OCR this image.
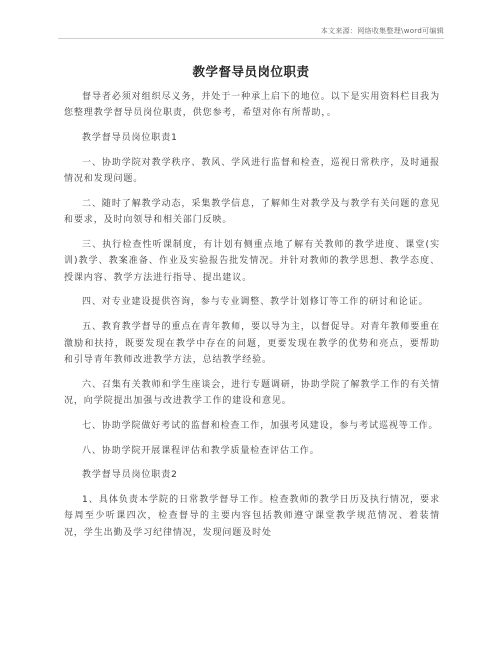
本文来源：网络收集整理\word可编辑
教学督导员岗位职责

督导者必须对组织尽义务，并处于一种承上启下的地位。以下是实用资料栏目我为您整理教学督导员岗位职责，供您参考，希望对你有所帮助，。

教学督导员岗位职责1

一、协助学院对教学秩序、教风、学风进行监督和检查，巡视日常秩序，及时通报情况和发现问题。

二、随时了解教学动态，采集教学信息，了解师生对教学及与教学有关问题的意见和要求，及时向领导和相关部门反映。

三、执行检查性听课制度，有计划有侧重点地了解有关教师的教学进度、课堂(实训)教学、教案准备、作业及实验报告批发情况。并针对教师的教学思想、教学态度、授课内容、教学方法进行指导、提出建议。

四、对专业建设提供咨询，参与专业调整、教学计划修订等工作的研讨和论证。

五、教育教学督导的重点在青年教师，要以导为主，以督促导。对青年教师要重在激励和扶持，既要发现在教学中存在的问题，更要发现在教学的优势和亮点，要帮助和引导青年教师改进教学方法，总结教学经验。

六、召集有关教师和学生座谈会，进行专题调研，协助学院了解教学工作的有关情况，向学院提出加强与改进教学工作的建设和意见。

七、协助学院做好考试的监督和检查工作，加强考风建设，参与考试巡视等工作。

八、协助学院开展课程评估和教学质量检查评估工作。

教学督导员岗位职责2

1、具体负责本学院的日常教学督导工作。检查教师的教学日历及执行情况，要求每周至少听课四次，检查督导的主要内容包括教师遵守课堂教学规范情况、着装情况，学生出勤及学习纪律情况，发现问题及时处
